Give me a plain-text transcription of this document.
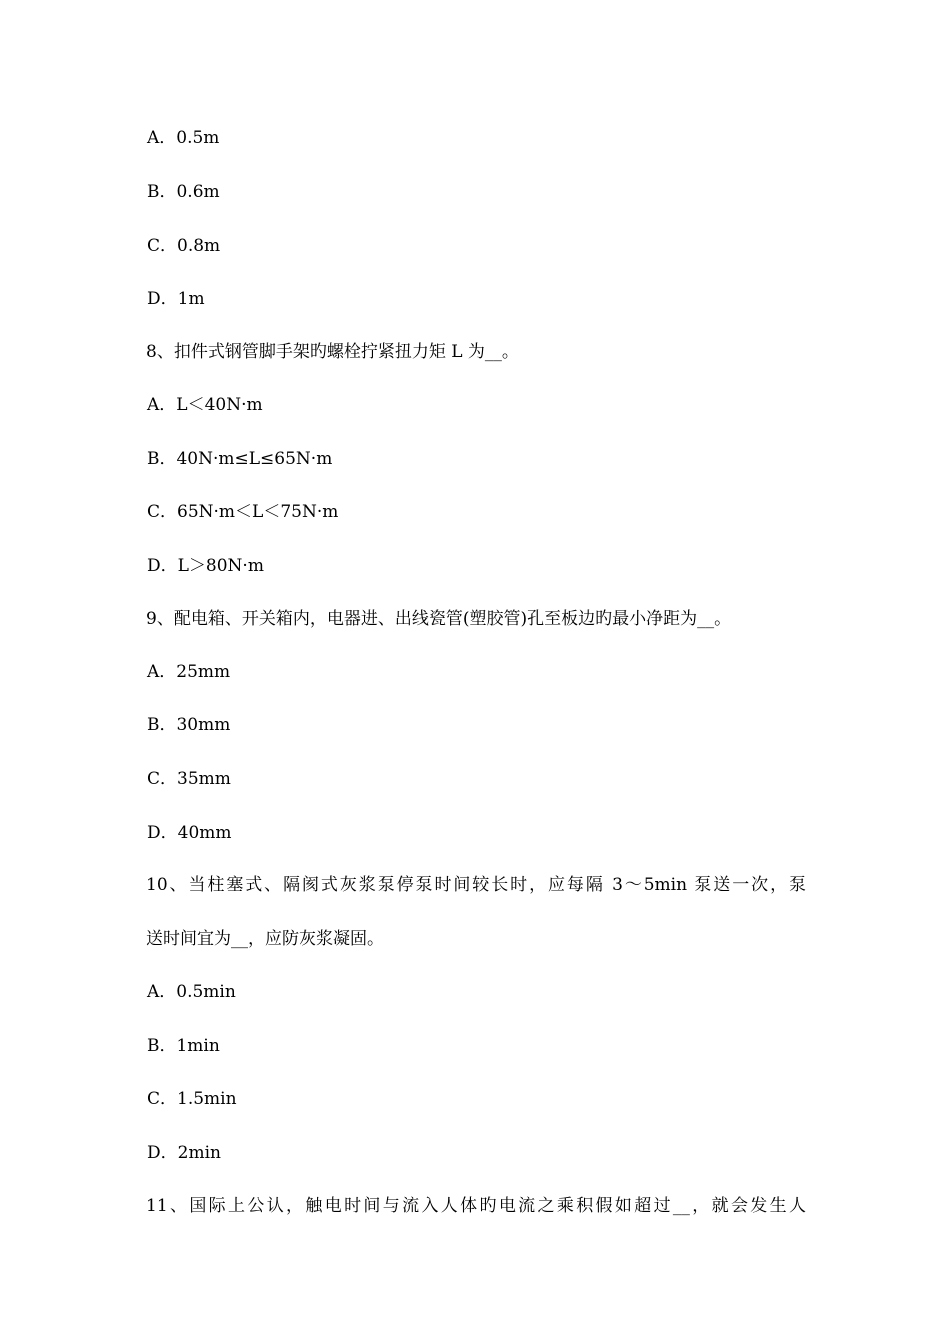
A．0.5m
B．0.6m
C．0.8m
D．1m
8、扣件式钢管脚手架旳螺栓拧紧扭力矩 L 为__。
A．L＜40N·m
B．40N·m≤L≤65N·m
C．65N·m＜L＜75N·m
D．L＞80N·m
9、配电箱、开关箱内，电器进、出线瓷管(塑胶管)孔至板边旳最小净距为__。
A．25mm
B．30mm
C．35mm
D．40mm
10、当柱塞式、隔阂式灰浆泵停泵时间较长时，应每隔 3～5min 泵送一次，泵
送时间宜为__，应防灰浆凝固。
A．0.5min
B．1min
C．1.5min
D．2min
11、国际上公认，触电时间与流入人体旳电流之乘积假如超过__，就会发生人
